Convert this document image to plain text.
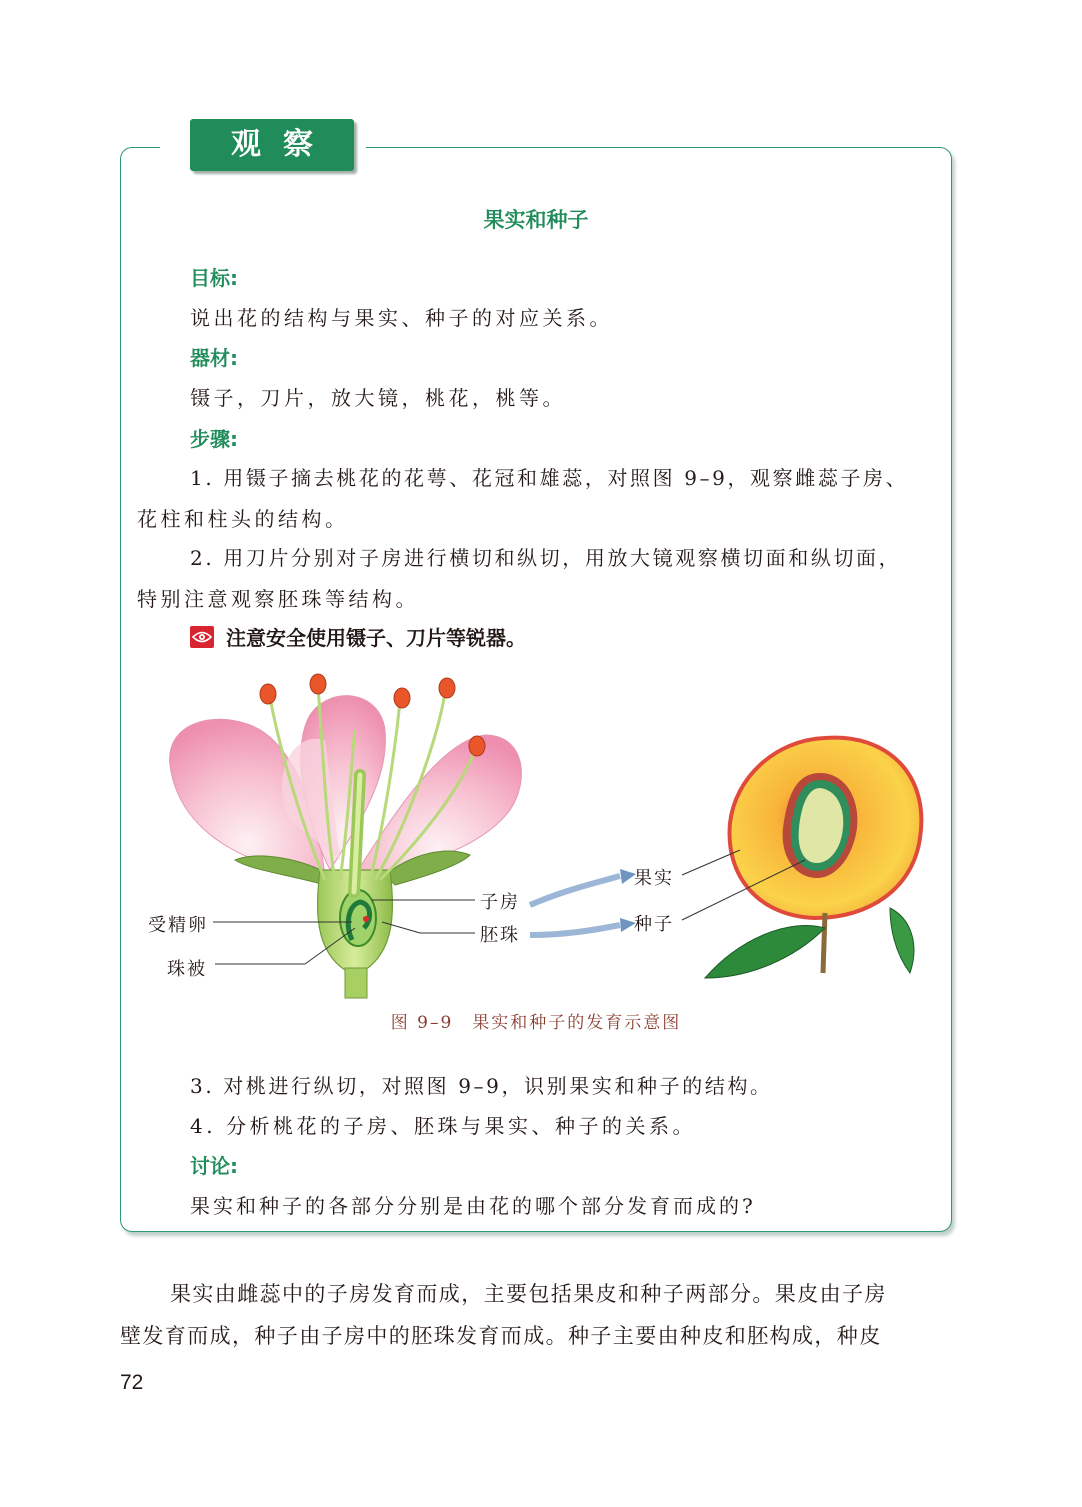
观察
果实和种子
目标:
说出花的结构与果实、种子的对应关系。
器材:
镊子，刀片，放大镜，桃花，桃等。
步骤:
1. 用镊子摘去桃花的花萼、花冠和雄蕊，对照图 9–9，观察雌蕊子房、
花柱和柱头的结构。
2. 用刀片分别对子房进行横切和纵切，用放大镜观察横切面和纵切面，
特别注意观察胚珠等结构。
注意安全使用镊子、刀片等锐器。
受精卵
珠被
子房
胚珠
果实
种子
图 9–9　果实和种子的发育示意图
3. 对桃进行纵切，对照图 9–9，识别果实和种子的结构。
4. 分析桃花的子房、胚珠与果实、种子的关系。
讨论:
果实和种子的各部分分别是由花的哪个部分发育而成的?
果实由雌蕊中的子房发育而成，主要包括果皮和种子两部分。果皮由子房
壁发育而成，种子由子房中的胚珠发育而成。种子主要由种皮和胚构成，种皮
72
